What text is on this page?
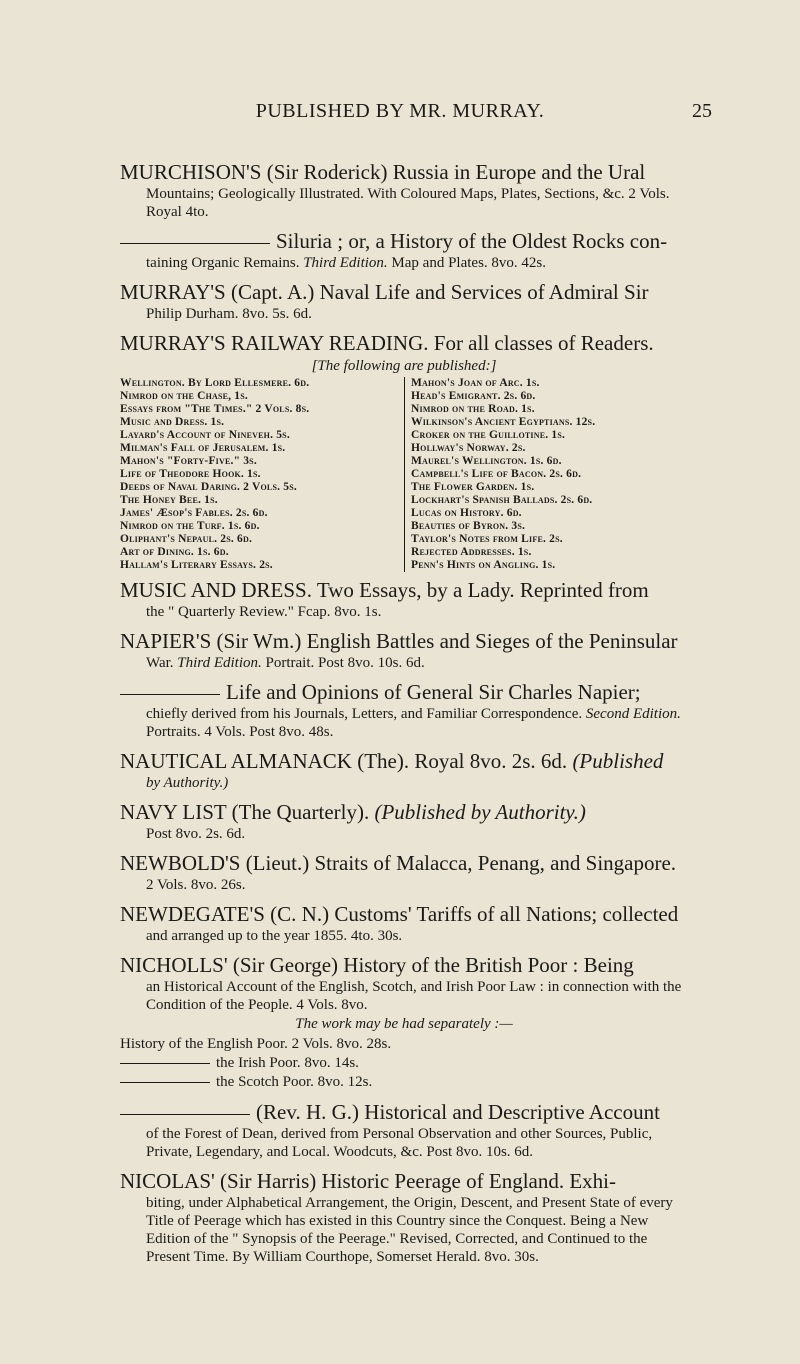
PUBLISHED BY MR. MURRAY.	25
MURCHISON'S (Sir Roderick) Russia in Europe and the Ural
Mountains; Geologically Illustrated. With Coloured Maps, Plates, Sections, &c. 2 Vols. Royal 4to.
Siluria ; or, a History of the Oldest Rocks con-
taining Organic Remains. Third Edition. Map and Plates. 8vo. 42s.
MURRAY'S (Capt. A.) Naval Life and Services of Admiral Sir
Philip Durham. 8vo. 5s. 6d.
MURRAY'S RAILWAY READING. For all classes of Readers.
[The following are published:]
Wellington. By Lord Ellesmere. 6d.
Nimrod on the Chase, 1s.
Essays from "The Times." 2 Vols. 8s.
Music and Dress. 1s.
Layard's Account of Nineveh. 5s.
Milman's Fall of Jerusalem. 1s.
Mahon's "Forty-Five." 3s.
Life of Theodore Hook. 1s.
Deeds of Naval Daring. 2 Vols. 5s.
The Honey Bee. 1s.
James' Æsop's Fables. 2s. 6d.
Nimrod on the Turf. 1s. 6d.
Oliphant's Nepaul. 2s. 6d.
Art of Dining. 1s. 6d.
Hallam's Literary Essays. 2s.
Mahon's Joan of Arc. 1s.
Head's Emigrant. 2s. 6d.
Nimrod on the Road. 1s.
Wilkinson's Ancient Egyptians. 12s.
Croker on the Guillotine. 1s.
Hollway's Norway. 2s.
Maurel's Wellington. 1s. 6d.
Campbell's Life of Bacon. 2s. 6d.
The Flower Garden. 1s.
Lockhart's Spanish Ballads. 2s. 6d.
Lucas on History. 6d.
Beauties of Byron. 3s.
Taylor's Notes from Life. 2s.
Rejected Addresses. 1s.
Penn's Hints on Angling. 1s.
MUSIC AND DRESS. Two Essays, by a Lady. Reprinted from
the " Quarterly Review." Fcap. 8vo. 1s.
NAPIER'S (Sir Wm.) English Battles and Sieges of the Peninsular
War. Third Edition. Portrait. Post 8vo. 10s. 6d.
Life and Opinions of General Sir Charles Napier;
chiefly derived from his Journals, Letters, and Familiar Correspondence. Second Edition. Portraits. 4 Vols. Post 8vo. 48s.
NAUTICAL ALMANACK (The). Royal 8vo. 2s. 6d. (Published
by Authority.)
NAVY LIST (The Quarterly). (Published by Authority.)
Post 8vo. 2s. 6d.
NEWBOLD'S (Lieut.) Straits of Malacca, Penang, and Singapore.
2 Vols. 8vo. 26s.
NEWDEGATE'S (C. N.) Customs' Tariffs of all Nations; collected
and arranged up to the year 1855. 4to. 30s.
NICHOLLS' (Sir George) History of the British Poor : Being
an Historical Account of the English, Scotch, and Irish Poor Law : in connection with the Condition of the People. 4 Vols. 8vo.
The work may be had separately :—
History of the English Poor. 2 Vols. 8vo. 28s.
the Irish Poor. 8vo. 14s.
the Scotch Poor. 8vo. 12s.
(Rev. H. G.) Historical and Descriptive Account
of the Forest of Dean, derived from Personal Observation and other Sources, Public, Private, Legendary, and Local. Woodcuts, &c. Post 8vo. 10s. 6d.
NICOLAS' (Sir Harris) Historic Peerage of England. Exhi-
biting, under Alphabetical Arrangement, the Origin, Descent, and Present State of every Title of Peerage which has existed in this Country since the Conquest. Being a New Edition of the " Synopsis of the Peerage." Revised, Corrected, and Continued to the Present Time. By William Courthope, Somerset Herald. 8vo. 30s.
